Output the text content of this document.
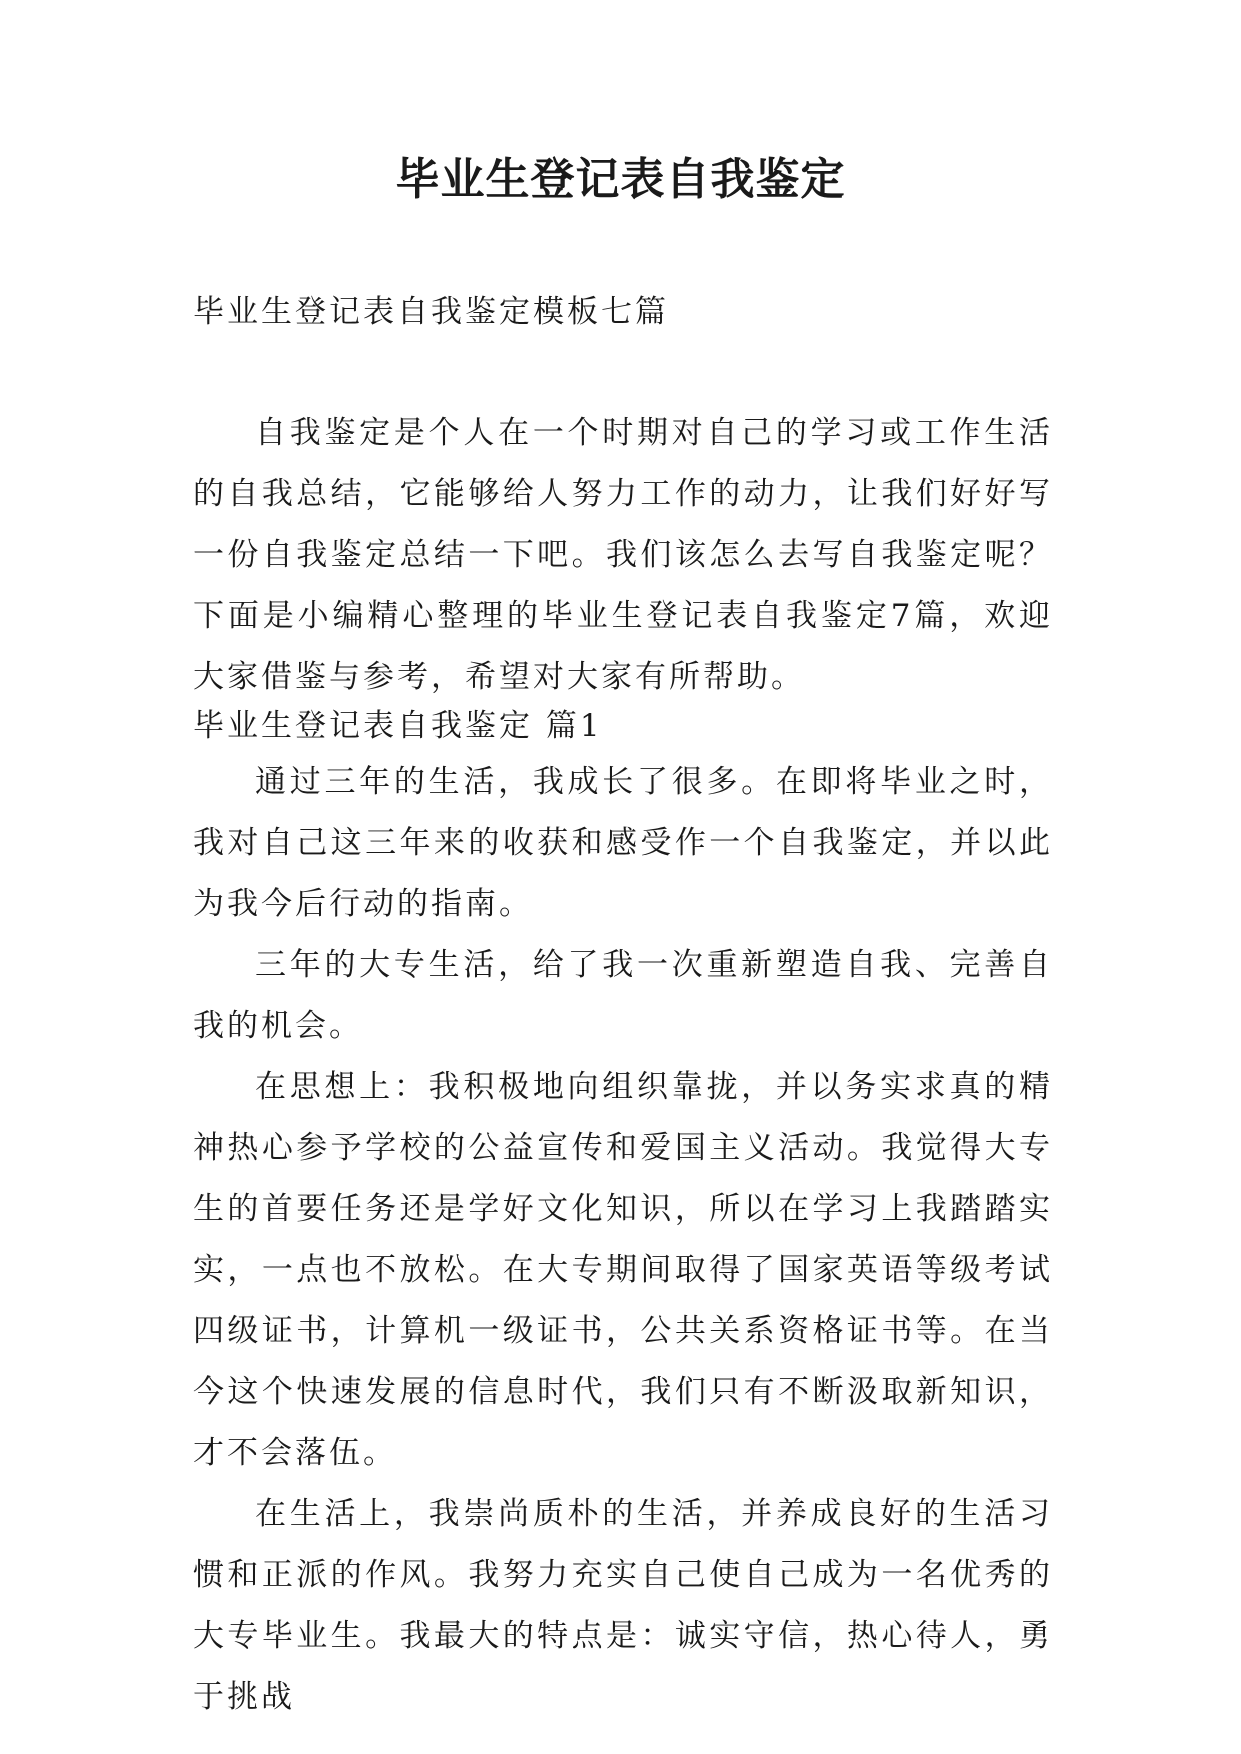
毕业生登记表自我鉴定
毕业生登记表自我鉴定模板七篇

自我鉴定是个人在一个时期对自己的学习或工作生活的自我总结，它能够给人努力工作的动力，让我们好好写一份自我鉴定总结一下吧。我们该怎么去写自我鉴定呢？下面是小编精心整理的毕业生登记表自我鉴定7篇，欢迎大家借鉴与参考，希望对大家有所帮助。

毕业生登记表自我鉴定 篇1

通过三年的生活，我成长了很多。在即将毕业之时，我对自己这三年来的收获和感受作一个自我鉴定，并以此为我今后行动的指南。

三年的大专生活，给了我一次重新塑造自我、完善自我的机会。

在思想上：我积极地向组织靠拢，并以务实求真的精神热心参予学校的公益宣传和爱国主义活动。我觉得大专生的首要任务还是学好文化知识，所以在学习上我踏踏实实，一点也不放松。在大专期间取得了国家英语等级考试四级证书，计算机一级证书，公共关系资格证书等。在当今这个快速发展的信息时代，我们只有不断汲取新知识，才不会落伍。

在生活上，我崇尚质朴的生活，并养成良好的生活习惯和正派的作风。我努力充实自己使自己成为一名优秀的大专毕业生。我最大的特点是：诚实守信，热心待人，勇于挑战
